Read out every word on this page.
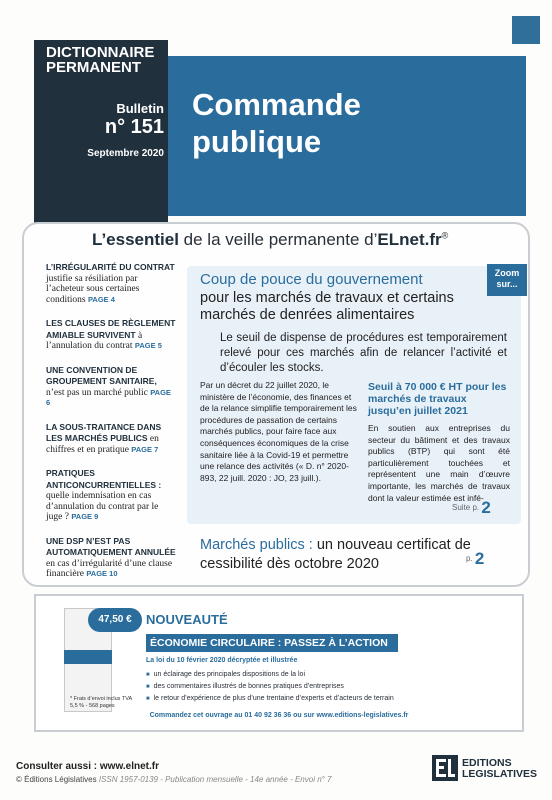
DICTIONNAIRE PERMANENT
Bulletin
n° 151
Septembre 2020
Commande publique
L’essentiel de la veille permanente d’ELnet.fr®
L’IRRÉGULARITÉ DU CONTRAT justifie sa résiliation par l’acheteur sous certaines conditions PAGE 4
LES CLAUSES DE RÈGLEMENT AMIABLE SURVIVENT à l’annulation du contrat PAGE 5
UNE CONVENTION DE GROUPEMENT SANITAIRE, n’est pas un marché public PAGE 6
LA SOUS-TRAITANCE DANS LES MARCHÉS PUBLICS en chiffres et en pratique PAGE 7
PRATIQUES ANTICONCURRENTIELLES : quelle indemnisation en cas d’annulation du contrat par le juge ? PAGE 9
UNE DSP N’EST PAS AUTOMATIQUEMENT ANNULÉE en cas d’irrégularité d’une clause financière PAGE 10
Zoom sur...
Coup de pouce du gouvernement
pour les marchés de travaux et certains marchés de denrées alimentaires
Le seuil de dispense de procédures est temporairement relevé pour ces marchés afin de relancer l’activité et d’écouler les stocks.
Par un décret du 22 juillet 2020, le ministère de l’économie, des finances et de la relance simplifie temporairement les procédures de passation de certains marchés publics, pour faire face aux conséquences économiques de la crise sanitaire liée à la Covid-19 et permettre une relance des activités (« D. n° 2020-893, 22 juill. 2020 : JO, 23 juill.).
Seuil à 70 000 € HT pour les marchés de travaux jusqu’en juillet 2021
En soutien aux entreprises du secteur du bâtiment et des travaux publics (BTP) qui sont été particulièrement touchées et représentent une main d’œuvre importante, les marchés de travaux dont la valeur estimée est infé-
Suite p. 2
Marchés publics : un nouveau certificat de cessibilité dès octobre 2020	p. 2
47,50 €
* Frais d’envoi inclus TVA 5,5 % - 568 pages
NOUVEAUTÉ
ÉCONOMIE CIRCULAIRE : PASSEZ À L’ACTION
La loi du 10 février 2020 décryptée et illustrée
■ un éclairage des principales dispositions de la loi
■ des commentaires illustrés de bonnes pratiques d’entreprises
■ le retour d’expérience de plus d’une trentaine d’experts et d’acteurs de terrain
Commandez cet ouvrage au 01 40 92 36 36 ou sur www.editions-legislatives.fr
Consulter aussi : www.elnet.fr
© Éditions Législatives ISSN 1957-0139 - Publication mensuelle - 14e année - Envoi n° 7
EDITIONS
LEGISLATIVES
